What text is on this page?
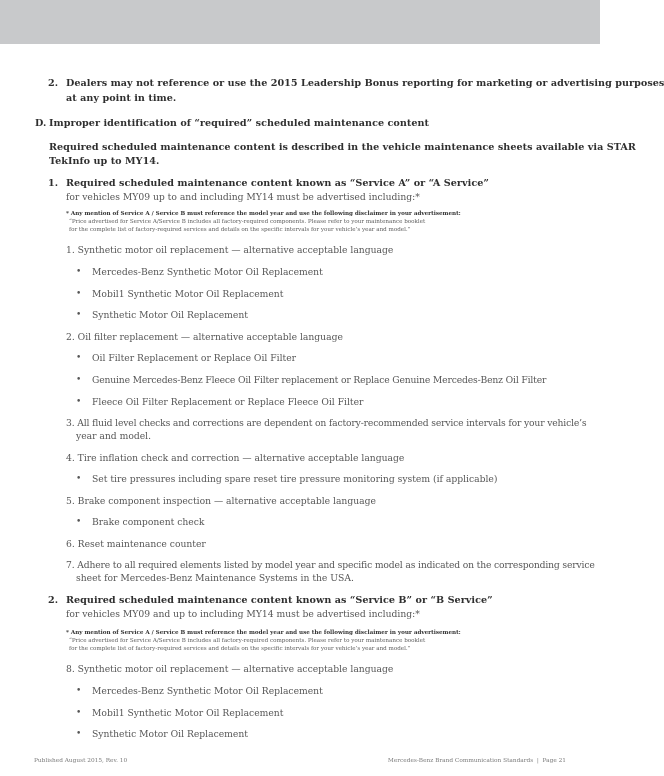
2. Dealers may not reference or use the 2015 Leadership Bonus reporting for marketing or advertising purposes
at any point in time.
D. Improper identification of “required” scheduled maintenance content
Required scheduled maintenance content is described in the vehicle maintenance sheets available via STAR
TekInfo up to MY14.
1. Required scheduled maintenance content known as “Service A” or “A Service”
for vehicles MY09 up to and including MY14 must be advertised including:*
* Any mention of Service A / Service B must reference the model year and use the following disclaimer in your advertisement:
“Price advertised for Service A/Service B includes all factory-required components. Please refer to your maintenance booklet
for the complete list of factory-required services and details on the specific intervals for your vehicle’s year and model.”
1. Synthetic motor oil replacement — alternative acceptable language
• Mercedes-Benz Synthetic Motor Oil Replacement
• Mobil1 Synthetic Motor Oil Replacement
• Synthetic Motor Oil Replacement
2. Oil filter replacement — alternative acceptable language
• Oil Filter Replacement or Replace Oil Filter
• Genuine Mercedes-Benz Fleece Oil Filter replacement or Replace Genuine Mercedes-Benz Oil Filter
• Fleece Oil Filter Replacement or Replace Fleece Oil Filter
3. All fluid level checks and corrections are dependent on factory-recommended service intervals for your vehicle’s
year and model.
4. Tire inflation check and correction — alternative acceptable language
• Set tire pressures including spare reset tire pressure monitoring system (if applicable)
5. Brake component inspection — alternative acceptable language
• Brake component check
6. Reset maintenance counter
7. Adhere to all required elements listed by model year and specific model as indicated on the corresponding service
sheet for Mercedes-Benz Maintenance Systems in the USA.
2. Required scheduled maintenance content known as “Service B” or “B Service”
for vehicles MY09 and up to including MY14 must be advertised including:*
* Any mention of Service A / Service B must reference the model year and use the following disclaimer in your advertisement:
“Price advertised for Service A/Service B includes all factory-required components. Please refer to your maintenance booklet
for the complete list of factory-required services and details on the specific intervals for your vehicle’s year and model.”
8. Synthetic motor oil replacement — alternative acceptable language
• Mercedes-Benz Synthetic Motor Oil Replacement
• Mobil1 Synthetic Motor Oil Replacement
• Synthetic Motor Oil Replacement
Published August 2015, Rev. 10	Mercedes-Benz Brand Communication Standards  |  Page 21
